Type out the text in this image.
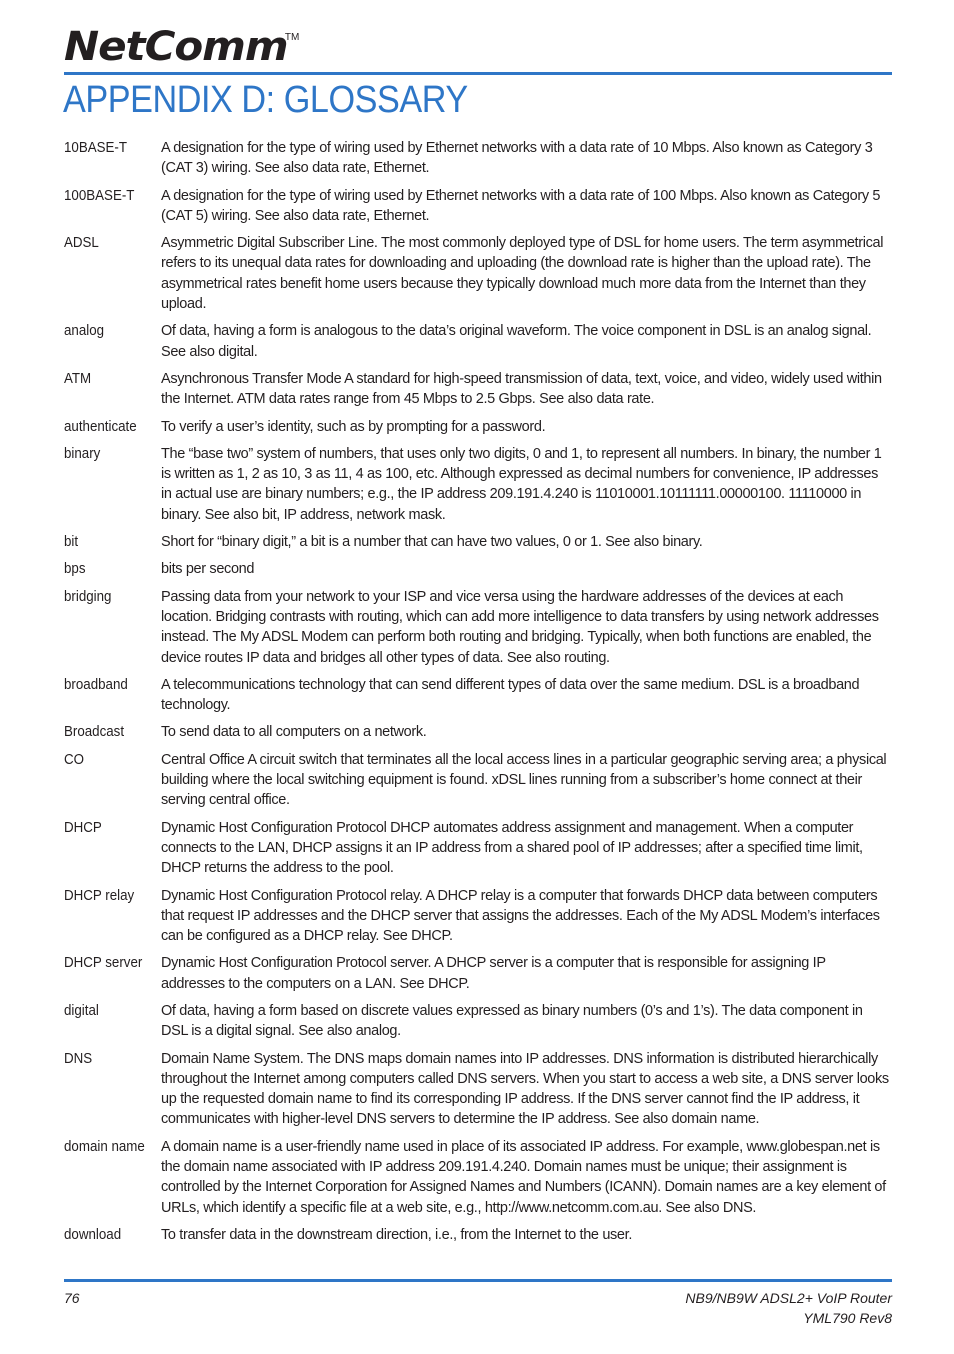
NetComm
TM
APPENDIX D: GLOSSARY
10BASE-T	A designation for the type of wiring used by Ethernet networks with a data rate of 10 Mbps. Also known as Category 3 (CAT 3) wiring. See also data rate, Ethernet.
100BASE-T	A designation for the type of wiring used by Ethernet networks with a data rate of 100 Mbps. Also known as Category 5 (CAT 5) wiring. See also data rate, Ethernet.
ADSL	Asymmetric Digital Subscriber Line. The most commonly deployed type of DSL for home users. The term asymmetrical refers to its unequal data rates for downloading and uploading (the download rate is higher than the upload rate). The asymmetrical rates benefit home users because they typically download much more data from the Internet than they upload.
analog	Of data, having a form is analogous to the data’s original waveform. The voice component in DSL is an analog signal. See also digital.
ATM	Asynchronous Transfer Mode A standard for high-speed transmission of data, text, voice, and video, widely used within the Internet. ATM data rates range from 45 Mbps to 2.5 Gbps. See also data rate.
authenticate	To verify a user’s identity, such as by prompting for a password.
binary	The “base two” system of numbers, that uses only two digits, 0 and 1, to represent all numbers. In binary, the number 1 is written as 1, 2 as 10, 3 as 11, 4 as 100, etc. Although expressed as decimal numbers for convenience, IP addresses in actual use are binary numbers; e.g., the IP address 209.191.4.240 is 11010001.10111111.00000100. 11110000 in binary. See also bit, IP address, network mask.
bit	Short for “binary digit,” a bit is a number that can have two values, 0 or 1. See also binary.
bps	bits per second
bridging	Passing data from your network to your ISP and vice versa using the hardware addresses of the devices at each location. Bridging contrasts with routing, which can add more intelligence to data transfers by using network addresses instead. The My ADSL Modem can perform both routing and bridging. Typically, when both functions are enabled, the device routes IP data and bridges all other types of data. See also routing.
broadband	A telecommunications technology that can send different types of data over the same medium. DSL is a broadband technology.
Broadcast	To send data to all computers on a network.
CO	Central Office A circuit switch that terminates all the local access lines in a particular geographic serving area; a physical building where the local switching equipment is found. xDSL lines running from a subscriber’s home connect at their serving central office.
DHCP	Dynamic Host Configuration Protocol DHCP automates address assignment and management. When a computer connects to the LAN, DHCP assigns it an IP address from a shared pool of IP addresses; after a specified time limit, DHCP returns the address to the pool.
DHCP relay	Dynamic Host Configuration Protocol relay. A DHCP relay is a computer that forwards DHCP data between computers that request IP addresses and the DHCP server that assigns the addresses. Each of the My ADSL Modem’s interfaces can be configured as a DHCP relay. See DHCP.
DHCP server	Dynamic Host Configuration Protocol server. A DHCP server is a computer that is responsible for assigning IP addresses to the computers on a LAN. See DHCP.
digital	Of data, having a form based on discrete values expressed as binary numbers (0’s and 1’s). The data component in DSL is a digital signal. See also analog.
DNS	Domain Name System. The DNS maps domain names into IP addresses. DNS information is distributed hierarchically throughout the Internet among computers called DNS servers. When you start to access a web site, a DNS server looks up the requested domain name to find its corresponding IP address. If the DNS server cannot find the IP address, it communicates with higher-level DNS servers to determine the IP address. See also domain name.
domain name	A domain name is a user-friendly name used in place of its associated IP address. For example, www.globespan.net is the domain name associated with IP address 209.191.4.240. Domain names must be unique; their assignment is controlled by the Internet Corporation for Assigned Names and Numbers (ICANN). Domain names are a key element of URLs, which identify a specific file at a web site, e.g., http://www.netcomm.com.au. See also DNS.
download	To transfer data in the downstream direction, i.e., from the Internet to the user.
76	NB9/NB9W ADSL2+ VoIP Router
YML790 Rev8
